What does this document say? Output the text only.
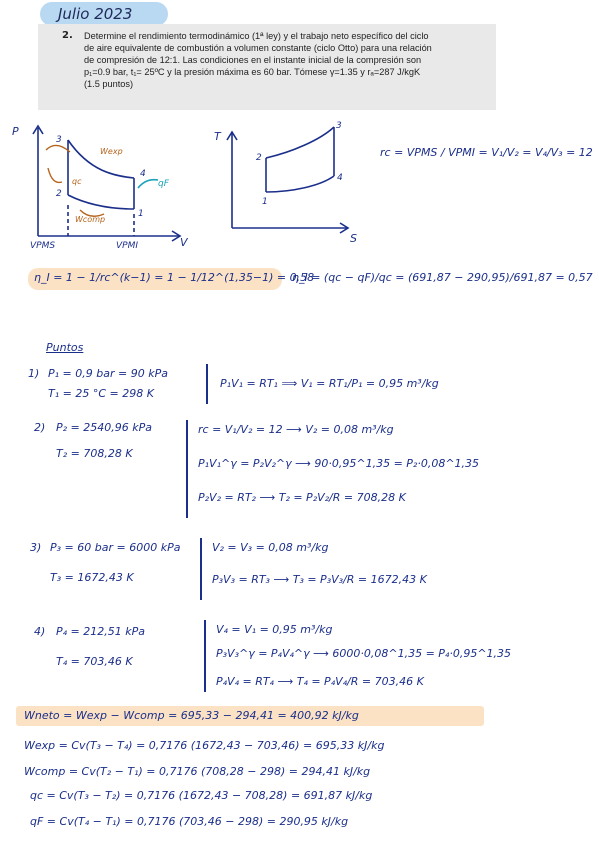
Julio 2023
2. Determine el rendimiento termodinámico (1ª ley) y el trabajo neto específico del ciclo
de aire equivalente de combustión a volumen constante (ciclo Otto) para una relación
de compresión de 12:1. Las condiciones en el instante inicial de la compresión son
p₁=0.9 bar, t₁= 25ºC y la presión máxima es 60 bar. Tómese γ=1.35 y rₐ=287 J/kgK
(1.5 puntos)
P
V
3
2
4
1
VPMS	VPMI
Wexp
qc
Wcomp
qF
T
S
3
2
4
1
rc = VPMS / VPMI = V₁/V₂ = V₄/V₃ = 12
η_I = 1 − 1/rc^(k−1) = 1 − 1/12^(1,35−1) = 0,58
η_I = (qc − qF)/qc = (691,87 − 290,95)/691,87 = 0,57
Puntos
1) P₁ = 0,9 bar = 90 kPa
T₁ = 25 °C = 298 K
P₁V₁ = RT₁ ⟹ V₁ = RT₁/P₁ = 0,95 m³/kg
2) P₂ = 2540,96 kPa
T₂ = 708,28 K
rc = V₁/V₂ = 12 ⟶ V₂ = 0,08 m³/kg
P₁V₁^γ = P₂V₂^γ ⟶ 90·0,95^1,35 = P₂·0,08^1,35
P₂V₂ = RT₂ ⟶ T₂ = P₂V₂/R = 708,28 K
3) P₃ = 60 bar = 6000 kPa
T₃ = 1672,43 K
V₂ = V₃ = 0,08 m³/kg
P₃V₃ = RT₃ ⟶ T₃ = P₃V₃/R = 1672,43 K
4) P₄ = 212,51 kPa
T₄ = 703,46 K
V₄ = V₁ = 0,95 m³/kg
P₃V₃^γ = P₄V₄^γ ⟶ 6000·0,08^1,35 = P₄·0,95^1,35
P₄V₄ = RT₄ ⟶ T₄ = P₄V₄/R = 703,46 K
Wneto = Wexp − Wcomp = 695,33 − 294,41 = 400,92 kJ/kg
Wexp = Cv(T₃ − T₄) = 0,7176 (1672,43 − 703,46) = 695,33 kJ/kg
Wcomp = Cv(T₂ − T₁) = 0,7176 (708,28 − 298) = 294,41 kJ/kg
qc = Cv(T₃ − T₂) = 0,7176 (1672,43 − 708,28) = 691,87 kJ/kg
qF = Cv(T₄ − T₁) = 0,7176 (703,46 − 298) = 290,95 kJ/kg
